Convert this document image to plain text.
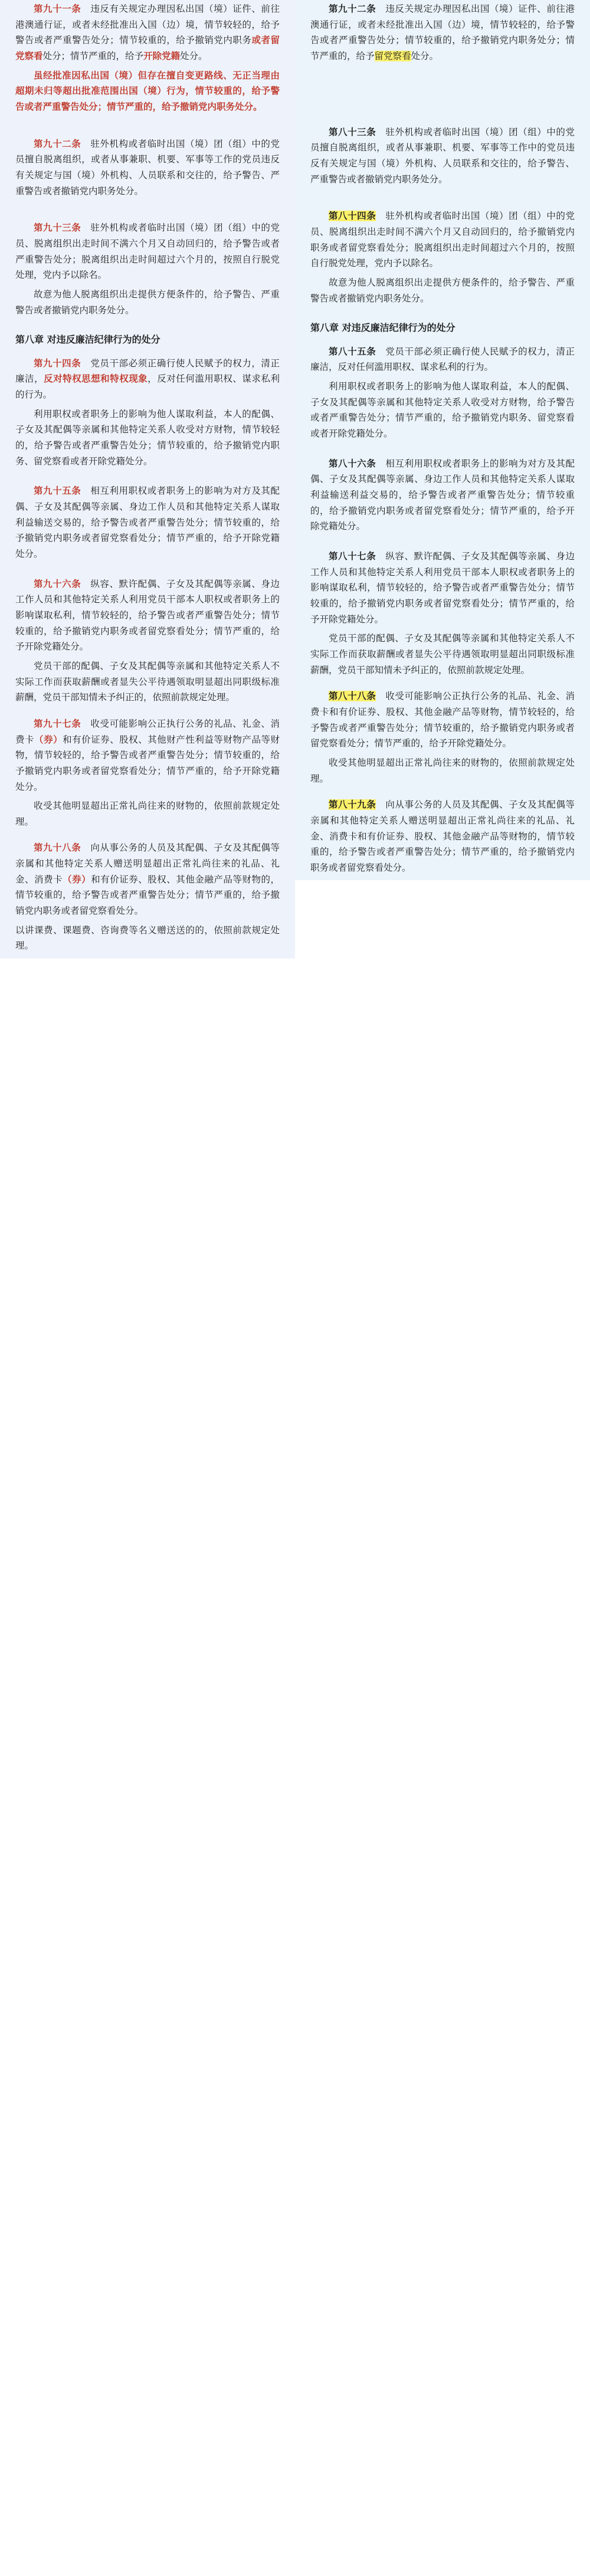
第九十一条　违反有关规定办理因私出国（境）证件、前往港澳通行证，或者未经批准出入国（边）境，情节较轻的，给予警告或者严重警告处分；情节较重的，给予撤销党内职务或者留党察看处分；情节严重的，给予开除党籍处分。

虽经批准因私出国（境）但存在擅自变更路线、无正当理由超期未归等超出批准范围出国（境）行为，情节较重的，给予警告或者严重警告处分；情节严重的，给予撤销党内职务处分。

第九十二条　驻外机构或者临时出国（境）团（组）中的党员擅自脱离组织，或者从事兼职、机要、军事等工作的党员违反有关规定与国（境）外机构、人员联系和交往的，给予警告、严重警告或者撤销党内职务处分。

第九十三条　驻外机构或者临时出国（境）团（组）中的党员、脱离组织出走时间不满六个月又自动回归的，给予警告或者严重警告处分；脱离组织出走时间超过六个月的，按照自行脱党处理，党内予以除名。

故意为他人脱离组织出走提供方便条件的，给予警告、严重警告或者撤销党内职务处分。

第八章 对违反廉洁纪律行为的处分

第九十四条　党员干部必须正确行使人民赋予的权力，清正廉洁，反对特权思想和特权现象，反对任何滥用职权、谋求私利的行为。

利用职权或者职务上的影响为他人谋取利益，本人的配偶、子女及其配偶等亲属和其他特定关系人收受对方财物，情节较轻的，给予警告或者严重警告处分；情节较重的，给予撤销党内职务、留党察看或者开除党籍处分。

第九十五条　相互利用职权或者职务上的影响为对方及其配偶、子女及其配偶等亲属、身边工作人员和其他特定关系人谋取利益输送交易的，给予警告或者严重警告处分；情节较重的，给予撤销党内职务或者留党察看处分；情节严重的，给予开除党籍处分。

第九十六条　纵容、默许配偶、子女及其配偶等亲属、身边工作人员和其他特定关系人利用党员干部本人职权或者职务上的影响谋取私利，情节较轻的，给予警告或者严重警告处分；情节较重的，给予撤销党内职务或者留党察看处分；情节严重的，给予开除党籍处分。

党员干部的配偶、子女及其配偶等亲属和其他特定关系人不实际工作而获取薪酬或者显失公平待遇领取明显超出同职级标准薪酬，党员干部知情未予纠正的，依照前款规定处理。

第九十七条　收受可能影响公正执行公务的礼品、礼金、消费卡（券）和有价证券、股权、其他财产性利益等财物产品等财物，情节较轻的，给予警告或者严重警告处分；情节较重的，给予撤销党内职务或者留党察看处分；情节严重的，给予开除党籍处分。

收受其他明显超出正常礼尚往来的财物的，依照前款规定处理。

第九十八条　向从事公务的人员及其配偶、子女及其配偶等亲属和其他特定关系人赠送明显超出正常礼尚往来的礼品、礼金、消费卡（券）和有价证券、股权、其他金融产品等财物的，情节较重的，给予警告或者严重警告处分；情节严重的，给予撤销党内职务或者留党察看处分。

以讲课费、课题费、咨询费等名义赠送送的的，依照前款规定处理。

第九十二条　违反关规定办理因私出国（境）证件、前往港澳通行证，或者未经批准出入国（边）境，情节较轻的，给予警告或者严重警告处分；情节较重的，给予撤销党内职务处分；情节严重的，给予留党察看处分。

第八十三条　驻外机构或者临时出国（境）团（组）中的党员擅自脱离组织，或者从事兼职、机要、军事等工作中的党员违反有关规定与国（境）外机构、人员联系和交往的，给予警告、严重警告或者撤销党内职务处分。

第八十四条　驻外机构或者临时出国（境）团（组）中的党员、脱离组织出走时间不满六个月又自动回归的，给予撤销党内职务或者留党察看处分；脱离组织出走时间超过六个月的，按照自行脱党处理，党内予以除名。

故意为他人脱离组织出走提供方便条件的，给予警告、严重警告或者撤销党内职务处分。

第八章 对违反廉洁纪律行为的处分

第八十五条　党员干部必须正确行使人民赋予的权力，清正廉洁，反对任何滥用职权、谋求私利的行为。

利用职权或者职务上的影响为他人谋取利益，本人的配偶、子女及其配偶等亲属和其他特定关系人收受对方财物，给予警告或者严重警告处分；情节严重的，给予撤销党内职务、留党察看或者开除党籍处分。

第八十六条　相互利用职权或者职务上的影响为对方及其配偶、子女及其配偶等亲属、身边工作人员和其他特定关系人谋取利益输送利益交易的，给予警告或者严重警告处分；情节较重的，给予撤销党内职务或者留党察看处分；情节严重的，给予开除党籍处分。

第八十七条　纵容、默许配偶、子女及其配偶等亲属、身边工作人员和其他特定关系人利用党员干部本人职权或者职务上的影响谋取私利，情节较轻的，给予警告或者严重警告处分；情节较重的，给予撤销党内职务或者留党察看处分；情节严重的，给予开除党籍处分。

党员干部的配偶、子女及其配偶等亲属和其他特定关系人不实际工作而获取薪酬或者显失公平待遇领取明显超出同职级标准薪酬，党员干部知情未予纠正的，依照前款规定处理。

第八十八条　收受可能影响公正执行公务的礼品、礼金、消费卡和有价证券、股权、其他金融产品等财物，情节较轻的，给予警告或者严重警告处分；情节较重的，给予撤销党内职务或者留党察看处分；情节严重的，给予开除党籍处分。

收受其他明显超出正常礼尚往来的财物的，依照前款规定处理。

第八十九条　向从事公务的人员及其配偶、子女及其配偶等亲属和其他特定关系人赠送明显超出正常礼尚往来的礼品、礼金、消费卡和有价证券、股权、其他金融产品等财物的，情节较重的，给予警告或者严重警告处分；情节严重的，给予撤销党内职务或者留党察看处分。
